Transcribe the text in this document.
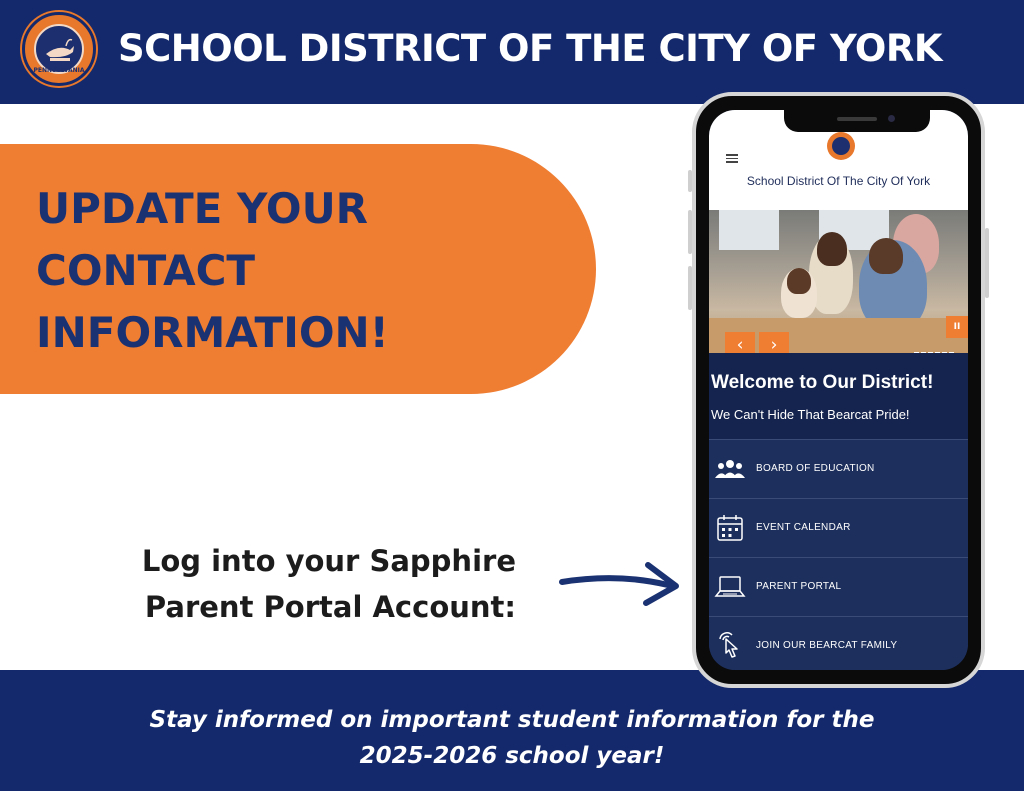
PENNSYLVANIA
SCHOOL DISTRICT OF THE CITY OF YORK
UPDATE YOUR
CONTACT
INFORMATION!
Log into your Sapphire
Parent Portal Account:
Stay informed on important student information for the
2025-2026 school year!
School District Of The City Of York
‹	›
II
Welcome to Our District!
We Can't Hide That Bearcat Pride!
BOARD OF EDUCATION
EVENT CALENDAR
PARENT PORTAL
JOIN OUR BEARCAT FAMILY
